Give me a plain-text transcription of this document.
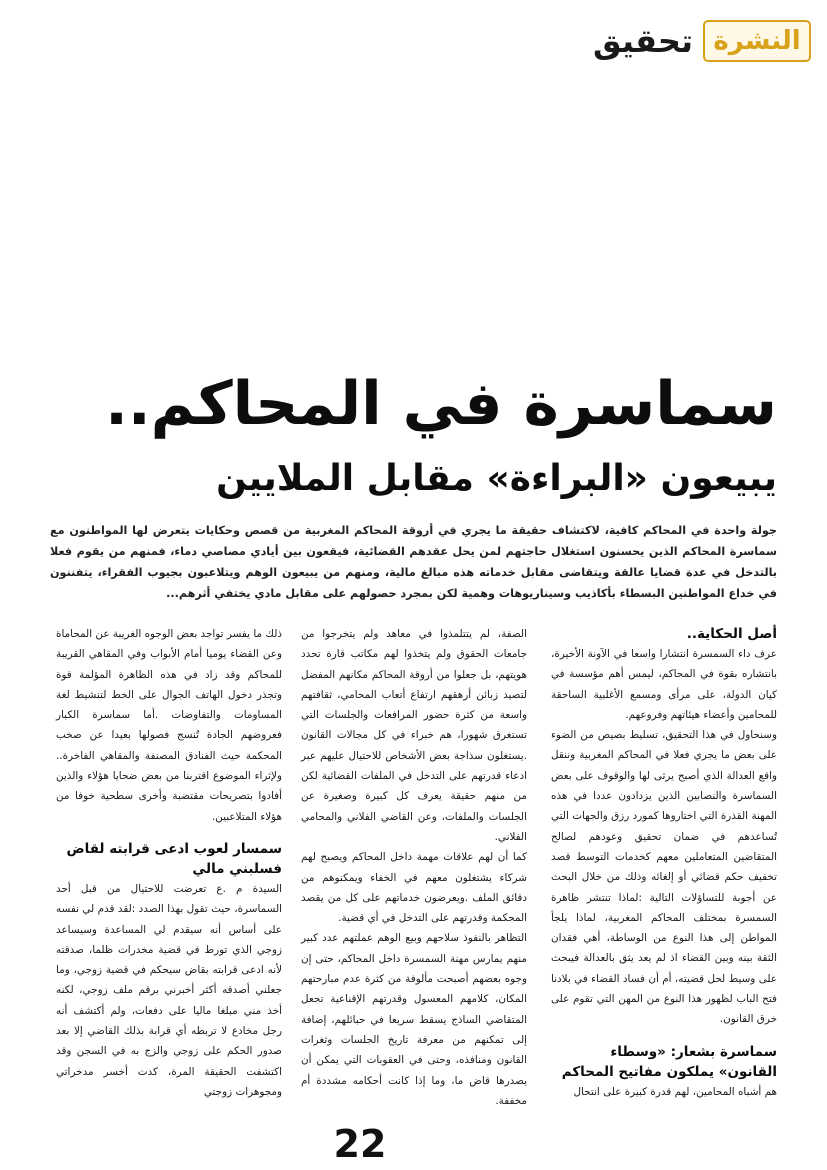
النشرة
تحقيق
سماسرة في المحاكم..
يبيعون «البراءة» مقابل الملايين

جولة واحدة في المحاكم كافية، لاكتشاف حقيقة ما يجري في أروقة المحاكم المغربية من قصص وحكايات يتعرض لها المواطنون مع سماسرة المحاكم الذين يحسنون استغلال حاجتهم لمن يحل عقدهم القضائية، فيقعون بين أيادي مصاصي دماء، فمنهم من يقوم فعلا بالتدخل في عدة قضايا عالقة ويتقاضى مقابل خدماته هذه مبالغ مالية، ومنهم من يبيعون الوهم ويتلاعبون بجيوب الفقراء، يتفننون في خداع المواطنين البسطاء بأكاذيب وسيناريوهات وهمية لكن بمجرد حصولهم على مقابل مادي يختفي أثرهم...

أصل الحكاية..

عرف داء السمسرة انتشارا واسعا في الآونة الأخيرة، بانتشاره بقوة في المحاكم، ليمس أهم مؤسسة في كيان الدولة، على مرأى ومسمع الأغلبية الساحقة للمحامين وأعضاء هيئاتهم وفروعهم.

وسنحاول في هذا التحقيق، تسليط بصيص من الضوء على بعض ما يجري فعلا في المحاكم المغربية وننقل واقع العدالة الذي أصبح يرثى لها والوقوف على بعض السماسرة والنصابين الذين يزدادون عددا في هذه المهنة القذرة التي اختاروها كمورد رزق والجهات التي تُساعدهم في ضمان تحقيق وعودهم لصالح المتقاضين المتعاملين معهم كخدمات التوسط قصد تخفيف حكم قضائي أو إلغائه وذلك من خلال البحث عن أجوبة للتساؤلات التالية :لماذا تنتشر ظاهرة السمسرة بمختلف المحاكم المغربية، لماذا يلجأ المواطن إلى هذا النوع من الوساطة، أهي فقدان الثقة بينه وبين القضاء اذ لم يعد يثق بالعدالة فيبحث على وسيط لحل قضيته، أم أن فساد القضاء في بلادنا فتح الباب لظهور هذا النوع من المهن التي تقوم على خرق القانون.

سماسرة بشعار: «وسطاء القانون» يملكون مفاتيح المحاكم

هم أشباه المحامين، لهم قدرة كبيرة على انتحال

الصفة، لم يتتلمذوا في معاهد ولم يتخرجوا من جامعات الحقوق ولم يتخذوا لهم مكاتب قارة تحدد هويتهم، بل جعلوا من أروقة المحاكم مكانهم المفضل لتصيد زبائن أرهقهم ارتفاع أتعاب المحامي، ثقافتهم واسعة من كثرة حضور المرافعات والجلسات التي تستغرق شهورا، هم خبراء في كل مجالات القانون .يستغلون سذاجة بعض الأشخاص للاحتيال عليهم عبر ادعاء قدرتهم على التدخل في الملفات القضائية لكن من منهم حقيقة يعرف كل كبيرة وصغيرة عن الجلسات والملفات، وعن القاضي الفلاني والمحامي الفلاني.

كما أن لهم علاقات مهمة داخل المحاكم ويصبح لهم شركاء يشتغلون معهم في الخفاء ويمكنوهم من دقائق الملف .ويعرضون خدماتهم على كل من يقصد المحكمة وقدرتهم على التدخل في أي قضية.

التظاهر بالنفوذ سلاحهم وبيع الوهم عملتهم عدد كبير منهم يمارس مهنة السمسرة داخل المحاكم، حتى إن وجوه بعضهم أصبحت مألوفة من كثرة عدم مبارحتهم المكان، كلامهم المعسول وقدرتهم الإقناعية تجعل المتقاضي الساذج يسقط سريعا في حبائلهم، إضافة إلى تمكنهم من معرفة تاريخ الجلسات وثغرات القانون ومنافذه، وحتى في العقوبات التي يمكن أن يصدرها قاض ما، وما إذا كانت أحكامه مشددة أم مخففة.

ذلك ما يفسر تواجد بعض الوجوه الغريبة عن المحاماة وعن القضاء يوميا أمام الأبواب وفي المقاهي القريبة للمحاكم وقد زاد في هذه الظاهرة المؤلمة قوة وتجذر دخول الهاتف الجوال على الخط لتنشيط لغة المساومات والتفاوضات .أما سماسرة الكبار فعروضهم الجادة تُنسج فصولها بعيدا عن صخب المحكمة حيث الفنادق المصنفة والمقاهي الفاخرة.. ولإثراء الموضوع اقتربنا من بعض ضحايا هؤلاء والذين أفادوا بتصريحات مقتضبة وأخرى سطحية خوفا من هؤلاء المتلاعبين.

سمسار لعوب ادعى قرابته لقاض فسلبني مالي

السيدة م .ع تعرضت للاحتيال من قبل أحد السماسرة، حيث تقول بهذا الصدد :لقد قدم لي نفسه على أساس أنه سيقدم لي المساعدة وسيساعد زوجي الذي تورط في قضية مخدرات ظلما، صدقته لأنه ادعى قرابته بقاض سيحكم في قضية زوجي، وما جعلني أصدقه أكثر أخبرني برقم ملف زوجي، لكنه أخذ مني مبلغا ماليا على دفعات، ولم أكتشف أنه رجل مخادع لا تربطه أي قرابة بذلك القاضي إلا بعد صدور الحكم على زوجي والزج به في السجن وقد اكتشفت الحقيقة المرة، كدت أخسر مدخراتي ومجوهرات زوجتي

22
